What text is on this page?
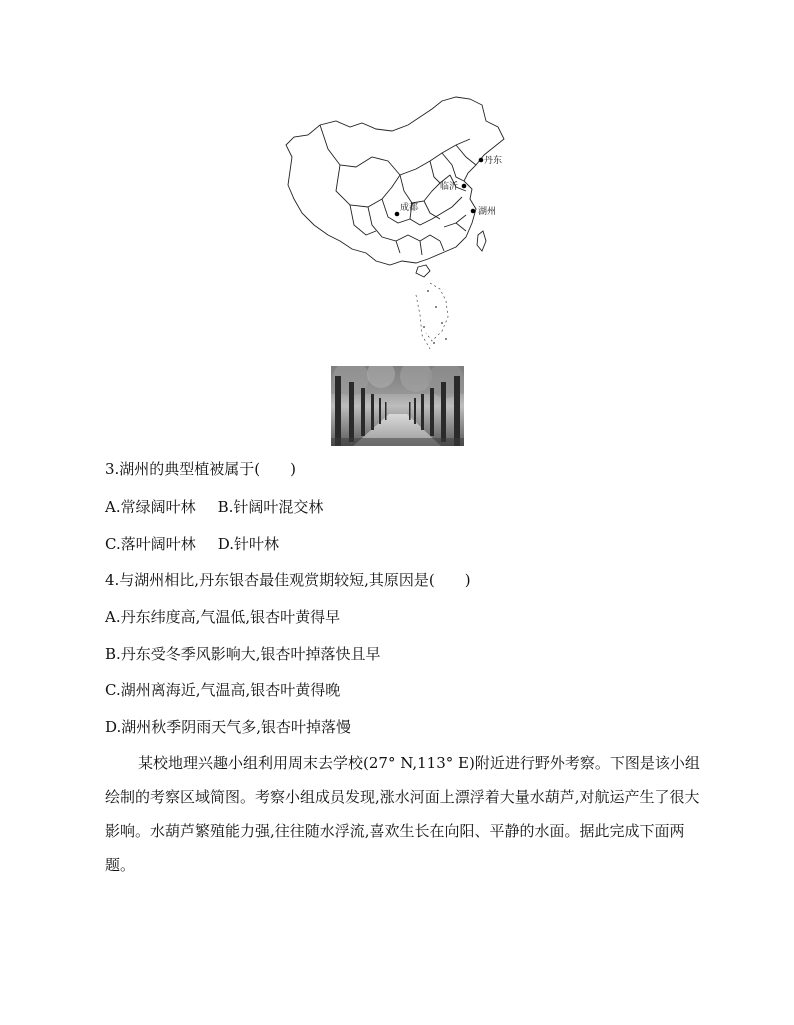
丹东
临沂
成都	湖州
3.湖州的典型植被属于(　　)
A.常绿阔叶林 B.针阔叶混交林
C.落叶阔叶林 D.针叶林
4.与湖州相比,丹东银杏最佳观赏期较短,其原因是(　　)
A.丹东纬度高,气温低,银杏叶黄得早
B.丹东受冬季风影响大,银杏叶掉落快且早
C.湖州离海近,气温高,银杏叶黄得晚
D.湖州秋季阴雨天气多,银杏叶掉落慢
某校地理兴趣小组利用周末去学校(27° N,113° E)附近进行野外考察。下图是该小组绘制的考察区域简图。考察小组成员发现,涨水河面上漂浮着大量水葫芦,对航运产生了很大影响。水葫芦繁殖能力强,往往随水浮流,喜欢生长在向阳、平静的水面。据此完成下面两题。
